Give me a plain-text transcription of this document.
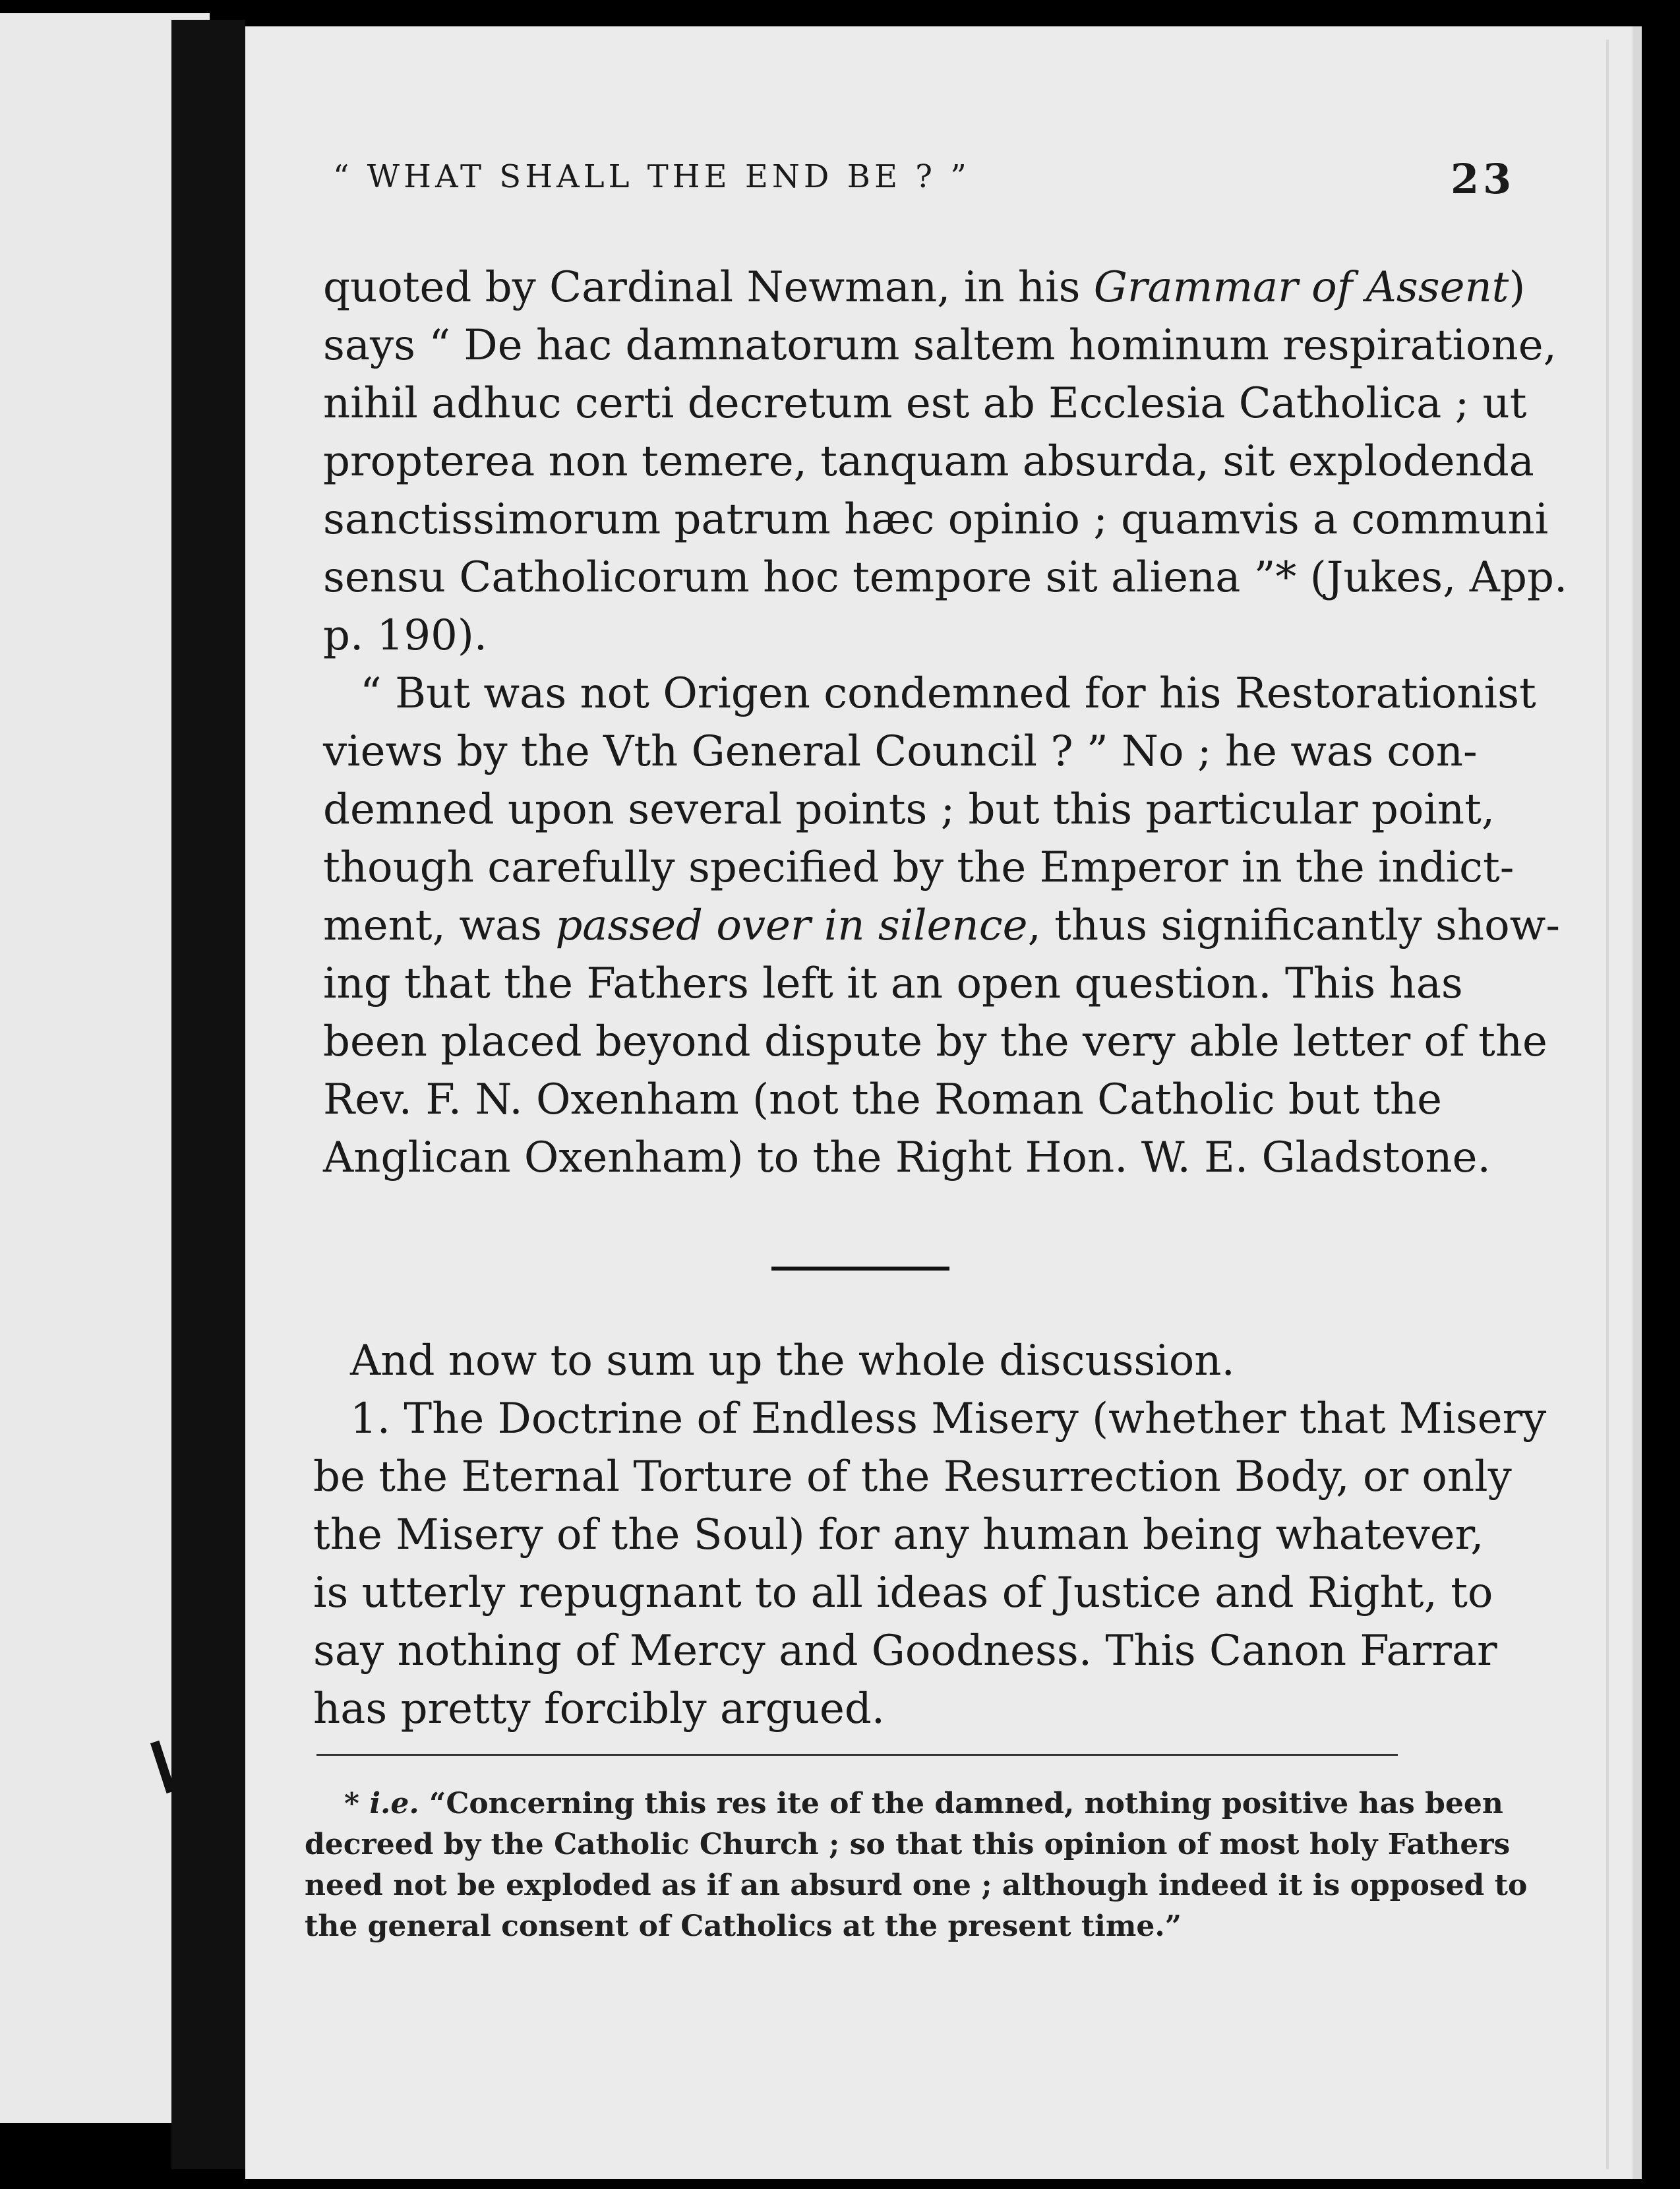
“ WHAT SHALL THE END BE ? ”	23
quoted by Cardinal Newman, in his Grammar of Assent
says “ De hac damnatorum saltem hominum respiratione,
nihil adhuc certi decretum est ab Ecclesia Catholica ; ut
propterea non temere, tanquam absurda, sit explodenda
sanctissimorum patrum hæc opinio ; quamvis a communi
sensu Catholicorum hoc tempore sit aliena ”* (Jukes, App.
p. 190).
“ But was not Origen condemned for his Restorationist
views by the Vth General Council ? ” No ; he was con-
demned upon several points ; but this particular point,
though carefully specified by the Emperor in the indict-
ment, was passed over in silence, thus significantly show-
ing that the Fathers left it an open question. This has
been placed beyond dispute by the very able letter of the
Rev. F. N. Oxenham (not the Roman Catholic but the
Anglican Oxenham) to the Right Hon. W. E. Gladstone.
And now to sum up the whole discussion.
1. The Doctrine of Endless Misery (whether that Misery
be the Eternal Torture of the Resurrection Body, or only
the Misery of the Soul) for any human being whatever,
is utterly repugnant to all ideas of Justice and Right, to
say nothing of Mercy and Goodness. This Canon Farrar
has pretty forcibly argued.
* i.e. “Concerning this res ite of the damned, nothing positive has been
decreed by the Catholic Church ; so that this opinion of most holy Fathers
need not be exploded as if an absurd one ; although indeed it is opposed to
the general consent of Catholics at the present time.”
